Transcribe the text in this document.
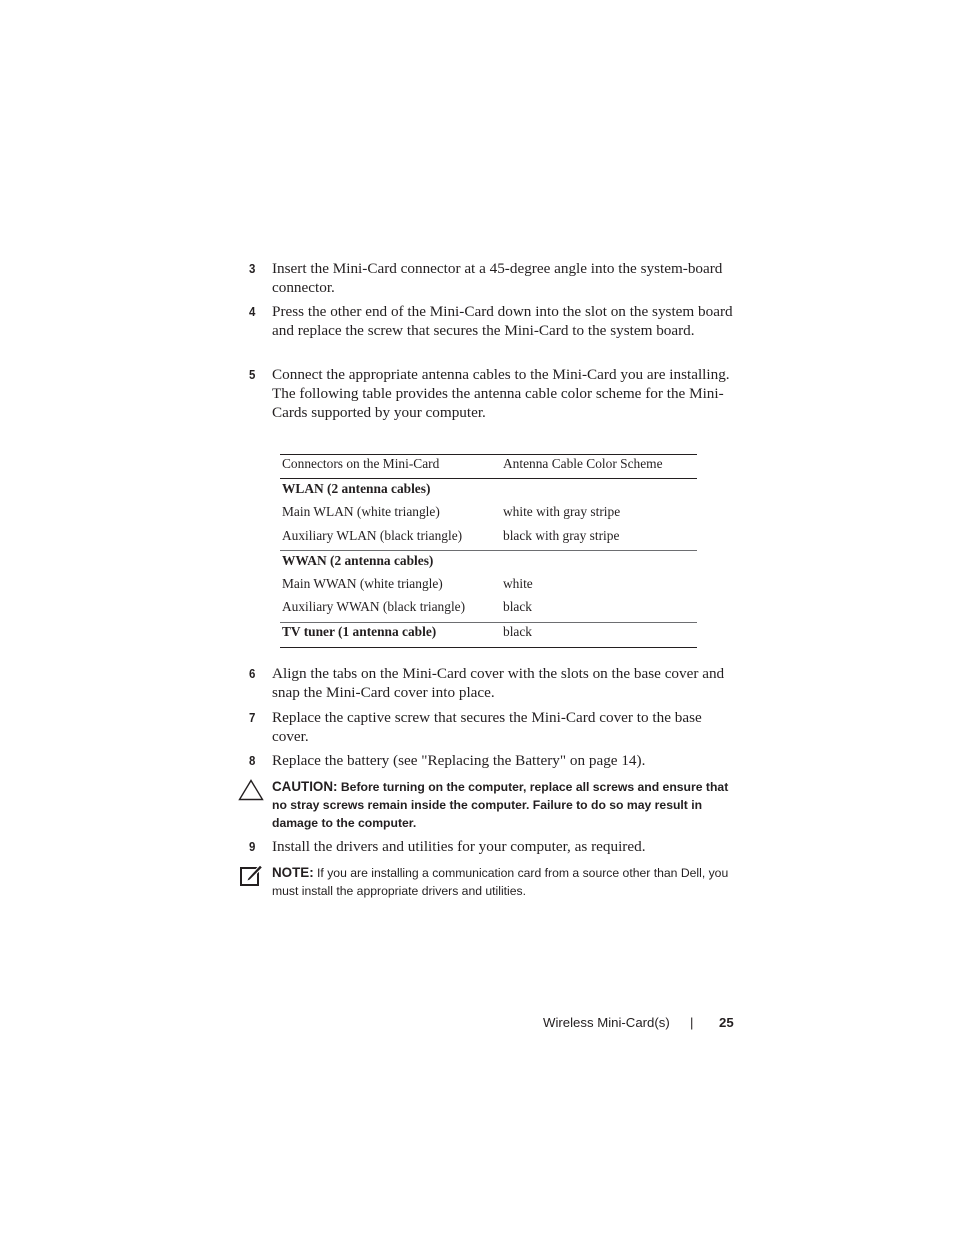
3 Insert the Mini-Card connector at a 45-degree angle into the system-board connector.
4 Press the other end of the Mini-Card down into the slot on the system board and replace the screw that secures the Mini-Card to the system board.
5 Connect the appropriate antenna cables to the Mini-Card you are installing. The following table provides the antenna cable color scheme for the Mini-Cards supported by your computer.
Connectors on the Mini-Card	Antenna Cable Color Scheme
WLAN (2 antenna cables)
Main WLAN (white triangle)	white with gray stripe
Auxiliary WLAN (black triangle)	black with gray stripe
WWAN (2 antenna cables)
Main WWAN (white triangle)	white
Auxiliary WWAN (black triangle)	black
TV tuner (1 antenna cable)	black
6 Align the tabs on the Mini-Card cover with the slots on the base cover and snap the Mini-Card cover into place.
7 Replace the captive screw that secures the Mini-Card cover to the base cover.
8 Replace the battery (see "Replacing the Battery" on page 14).
CAUTION: Before turning on the computer, replace all screws and ensure that no stray screws remain inside the computer. Failure to do so may result in damage to the computer.
9 Install the drivers and utilities for your computer, as required.
NOTE: If you are installing a communication card from a source other than Dell, you must install the appropriate drivers and utilities.
Wireless Mini-Card(s) | 25
